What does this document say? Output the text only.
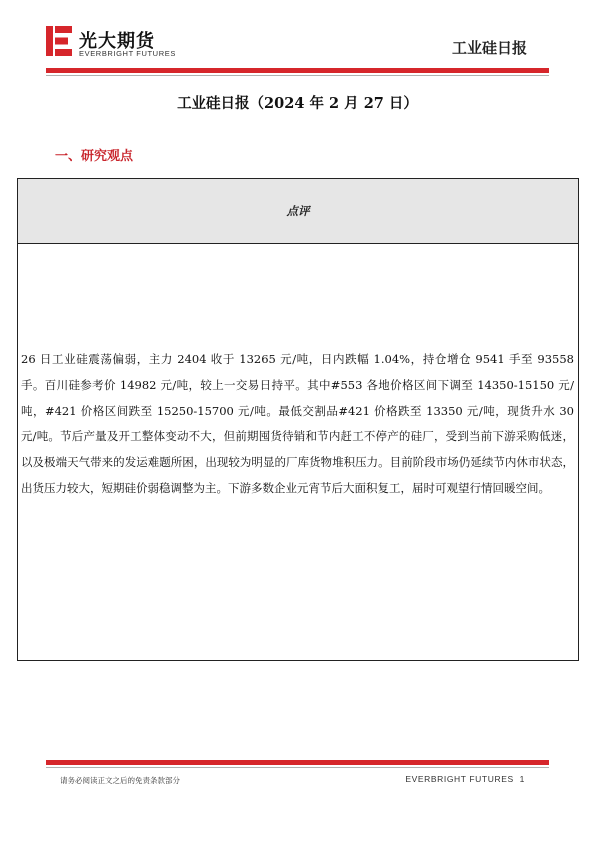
光大期货
EVERBRIGHT FUTURES	工业硅日报
工业硅日报（2024 年 2 月 27 日）
一、研究观点
点评

26 日工业硅震荡偏弱，主力 2404 收于 13265 元/吨，日内跌幅 1.04%，持仓增仓 9541 手至 93558 手。百川硅参考价 14982 元/吨，较上一交易日持平。其中#553 各地价格区间下调至 14350-15150 元/吨，#421 价格区间跌至 15250-15700 元/吨。最低交割品#421 价格跌至 13350 元/吨，现货升水 30 元/吨。节后产量及开工整体变动不大，但前期囤货待销和节内赶工不停产的硅厂，受到当前下游采购低迷，以及极端天气带来的发运难题所困，出现较为明显的厂库货物堆积压力。目前阶段市场仍延续节内休市状态，出货压力较大，短期硅价弱稳调整为主。下游多数企业元宵节后大面积复工，届时可观望行情回暖空间。

请务必阅读正文之后的免责条款部分	EVERBRIGHT FUTURES 1
